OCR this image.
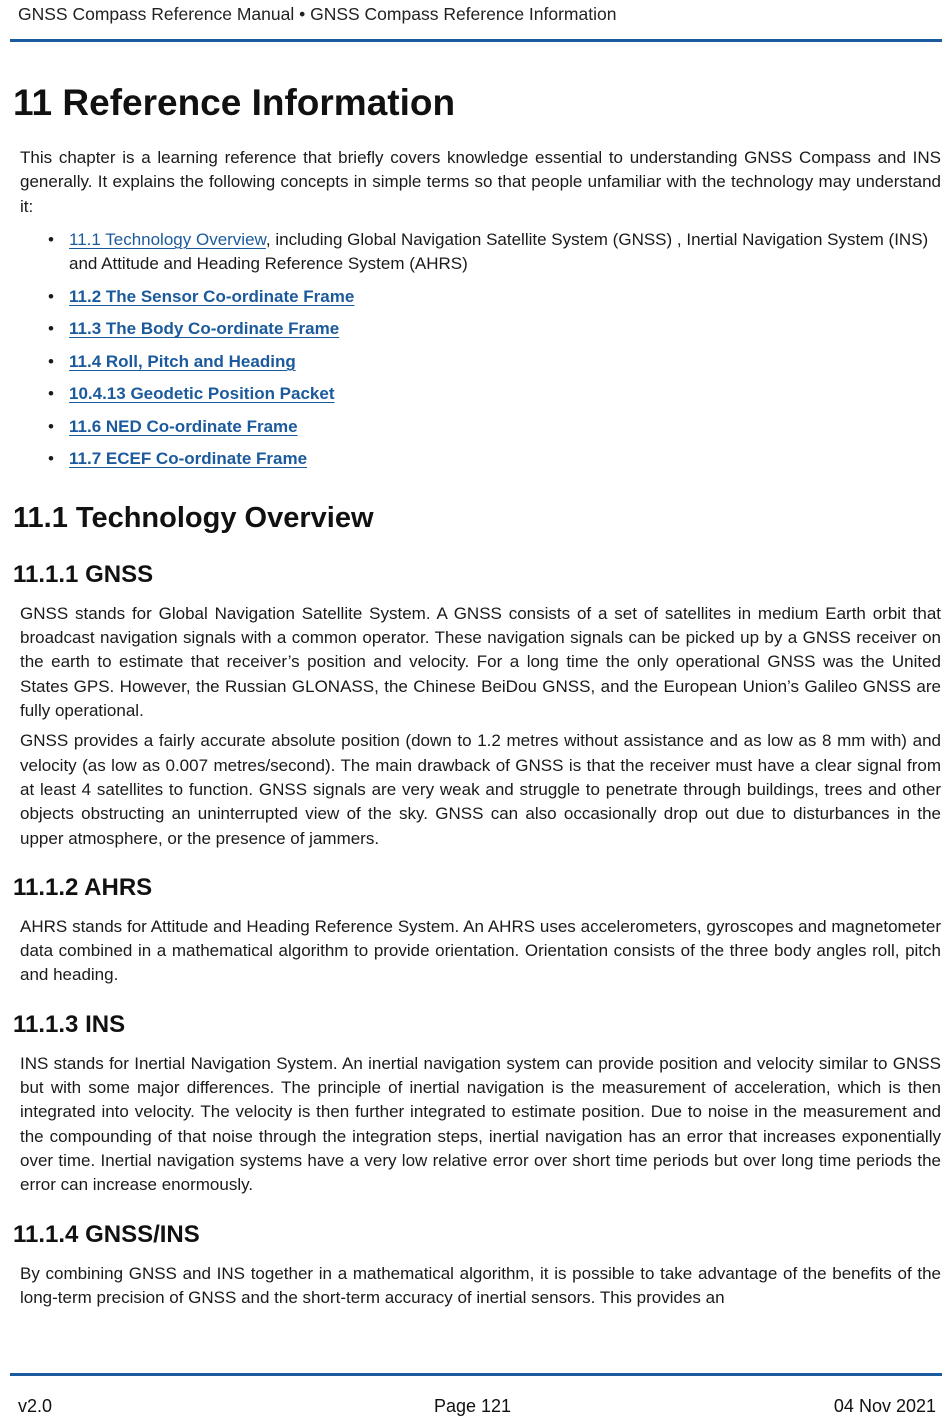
GNSS Compass Reference Manual • GNSS Compass Reference Information
11 Reference Information

This chapter is a learning reference that briefly covers knowledge essential to understanding GNSS Compass and INS generally. It explains the following concepts in simple terms so that people unfamiliar with the technology may understand it:

• 11.1 Technology Overview, including Global Navigation Satellite System (GNSS) , Inertial Navigation System (INS) and Attitude and Heading Reference System (AHRS)
• 11.2 The Sensor Co-ordinate Frame
• 11.3 The Body Co-ordinate Frame
• 11.4 Roll, Pitch and Heading
• 10.4.13 Geodetic Position Packet
• 11.6 NED Co-ordinate Frame
• 11.7 ECEF Co-ordinate Frame
11.1 Technology Overview
11.1.1 GNSS

GNSS stands for Global Navigation Satellite System. A GNSS consists of a set of satellites in medium Earth orbit that broadcast navigation signals with a common operator. These navigation signals can be picked up by a GNSS receiver on the earth to estimate that receiver’s position and velocity. For a long time the only operational GNSS was the United States GPS. However, the Russian GLONASS, the Chinese BeiDou GNSS, and the European Union’s Galileo GNSS are fully operational.

GNSS provides a fairly accurate absolute position (down to 1.2 metres without assistance and as low as 8 mm with) and velocity (as low as 0.007 metres/second). The main drawback of GNSS is that the receiver must have a clear signal from at least 4 satellites to function. GNSS signals are very weak and struggle to penetrate through buildings, trees and other objects obstructing an uninterrupted view of the sky. GNSS can also occasionally drop out due to disturbances in the upper atmosphere, or the presence of jammers.

11.1.2 AHRS

AHRS stands for Attitude and Heading Reference System. An AHRS uses accelerometers, gyroscopes and magnetometer data combined in a mathematical algorithm to provide orientation. Orientation consists of the three body angles roll, pitch and heading.

11.1.3 INS

INS stands for Inertial Navigation System. An inertial navigation system can provide position and velocity similar to GNSS but with some major differences. The principle of inertial navigation is the measurement of acceleration, which is then integrated into velocity. The velocity is then further integrated to estimate position. Due to noise in the measurement and the compounding of that noise through the integration steps, inertial navigation has an error that increases exponentially over time. Inertial navigation systems have a very low relative error over short time periods but over long time periods the error can increase enormously.

11.1.4 GNSS/INS

By combining GNSS and INS together in a mathematical algorithm, it is possible to take advantage of the benefits of the long-term precision of GNSS and the short-term accuracy of inertial sensors. This provides an

v2.0	Page 121	04 Nov 2021
